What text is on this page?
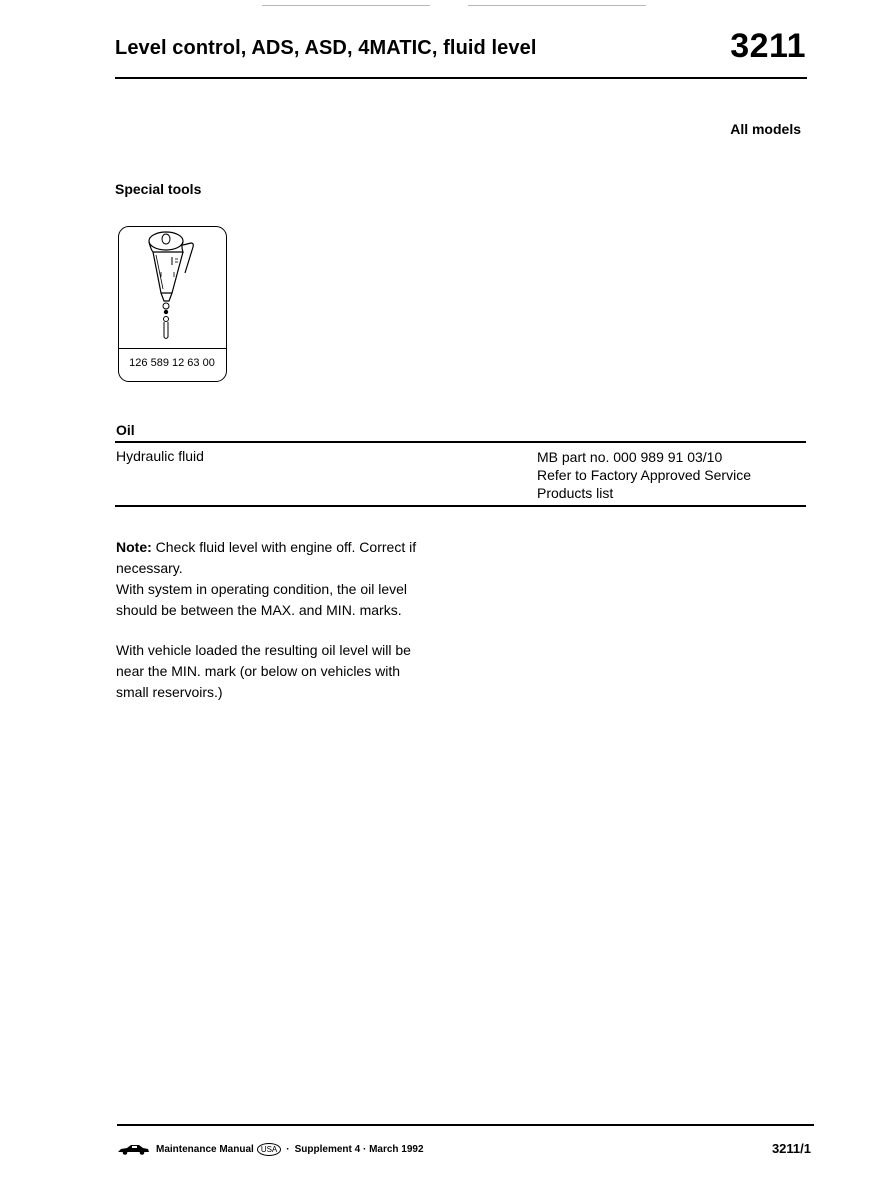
Level control, ADS, ASD, 4MATIC, fluid level	3211
All models
Special tools
126 589 12 63 00
Oil
Hydraulic fluid	MB part no. 000 989 91 03/10
Refer to Factory Approved Service
Products list
Note: Check fluid level with engine off. Correct if
necessary.
With system in operating condition, the oil level
should be between the MAX. and MIN. marks.
With vehicle loaded the resulting oil level will be
near the MIN. mark (or below on vehicles with
small reservoirs.)
Maintenance Manual USA · Supplement 4 · March 1992	3211/1
